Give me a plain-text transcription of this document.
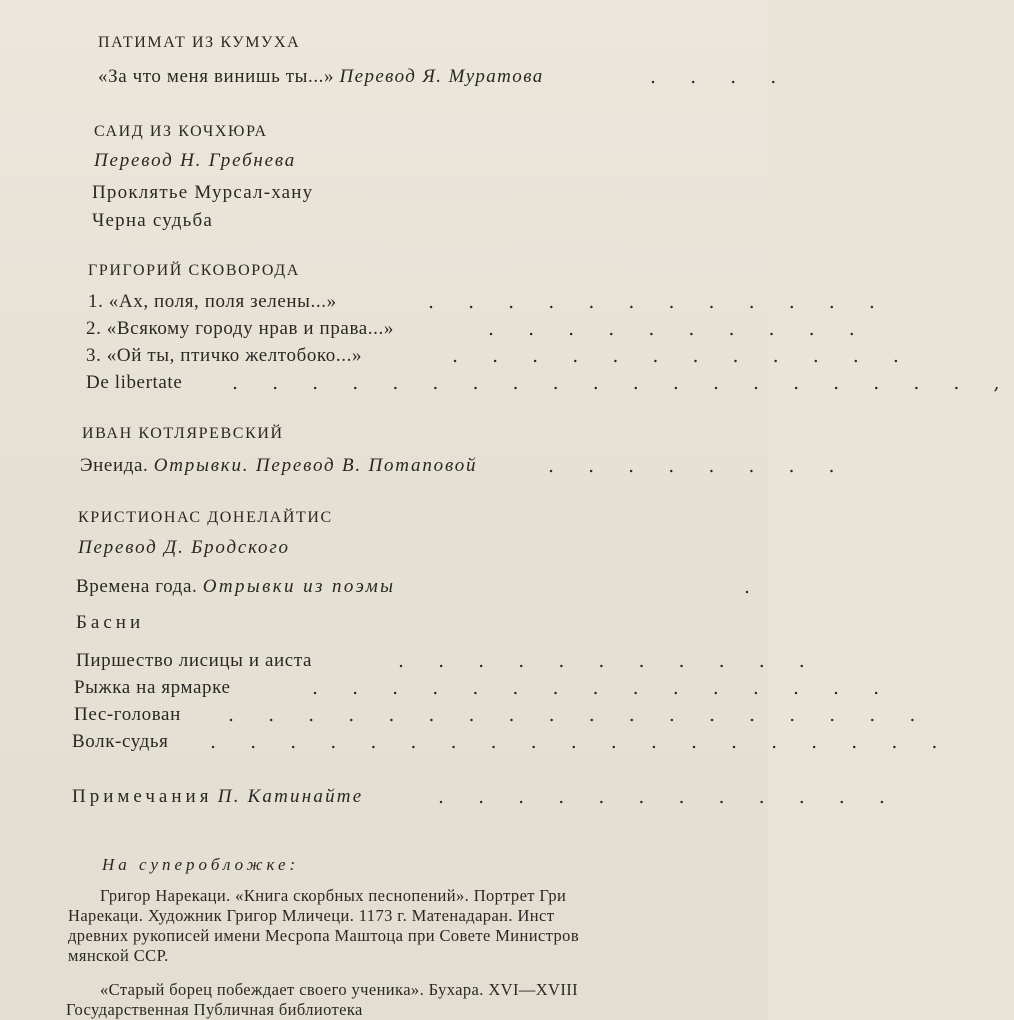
ПАТИМАТ ИЗ КУМУХА
«За что меня винишь ты...» Перевод Я. Муратова	. . . .
САИД ИЗ КОЧХЮРА
Перевод Н. Гребнева
Проклятье Мурсал-хану
Черна судьба
ГРИГОРИЙ СКОВОРОДА
1. «Ах, поля, поля зелены...»	. . . . . . . . . . . .
2. «Всякому городу нрав и права...»	. . . . . . . . . .
3. «Ой ты, птичко желтобоко...»	. . . . . . . . . . . .
De libertate	. . . . . . . . . . . . . . . . . . . ,
ИВАН КОТЛЯРЕВСКИЙ
Энеида. Отрывки. Перевод В. Потаповой	. . . . . . . .
КРИСТИОНАС ДОНЕЛАЙТИС
Перевод Д. Бродского
Времена года. Отрывки из поэмы	.
Басни
Пиршество лисицы и аиста	. . . . . . . . . . .
Рыжка на ярмарке	. . . . . . . . . . . . . . .
Пес-голован . . . . . . . . . . . . . . . . . .
Волк-судья . . . . . . . . . . . . . . . . . . .
Примечания П. Катинайте	. . . . . . . . . . . .
На суперобложке:
Григор Нарекаци. «Книга скорбных песнопений». Портрет Гри
Нарекаци. Художник Григор Мличеци. 1173 г. Матенадаран. Инст
древних рукописей имени Месропа Маштоца при Совете Министров
мянской ССР.
«Старый борец побеждает своего ученика». Бухара. XVI—XVIII
Государственная Публичная библиотека
